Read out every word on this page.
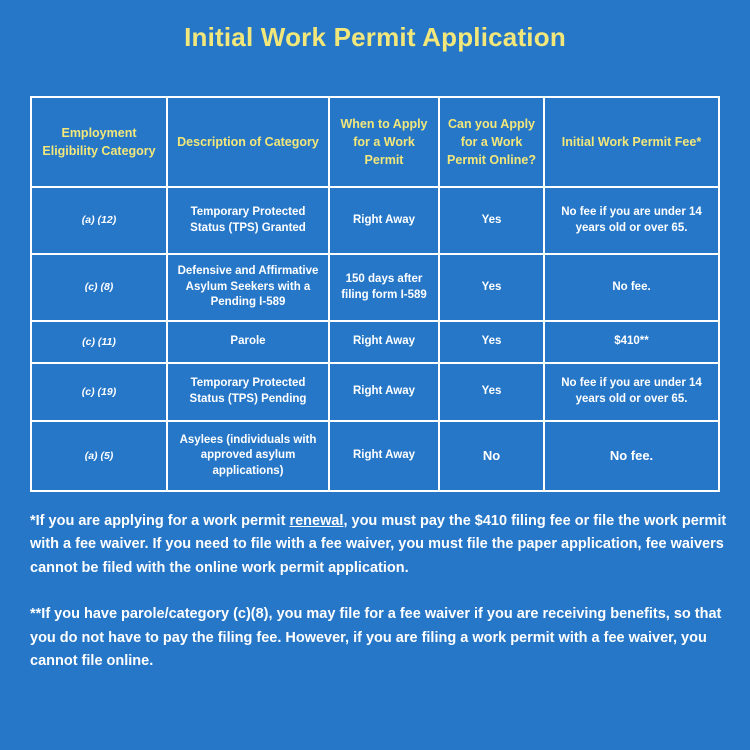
Initial Work Permit Application
Employment Eligibility Category	Description of Category	When to Apply for a Work Permit	Can you Apply for a Work Permit Online?	Initial Work Permit Fee*
(a) (12)	Temporary Protected Status (TPS) Granted	Right Away	Yes	No fee if you are under 14 years old or over 65.
(c) (8)	Defensive and Affirmative Asylum Seekers with a Pending I-589	150 days after filing form I-589	Yes	No fee.
(c) (11)	Parole	Right Away	Yes	$410**
(c) (19)	Temporary Protected Status (TPS) Pending	Right Away	Yes	No fee if you are under 14 years old or over 65.
(a) (5)	Asylees (individuals with approved asylum applications)	Right Away	No	No fee.

*If you are applying for a work permit renewal, you must pay the $410 filing fee or file the work permit with a fee waiver. If you need to file with a fee waiver, you must file the paper application, fee waivers cannot be filed with the online work permit application.

**If you have parole/category (c)(8), you may file for a fee waiver if you are receiving benefits, so that you do not have to pay the filing fee. However, if you are filing a work permit with a fee waiver, you cannot file online.
